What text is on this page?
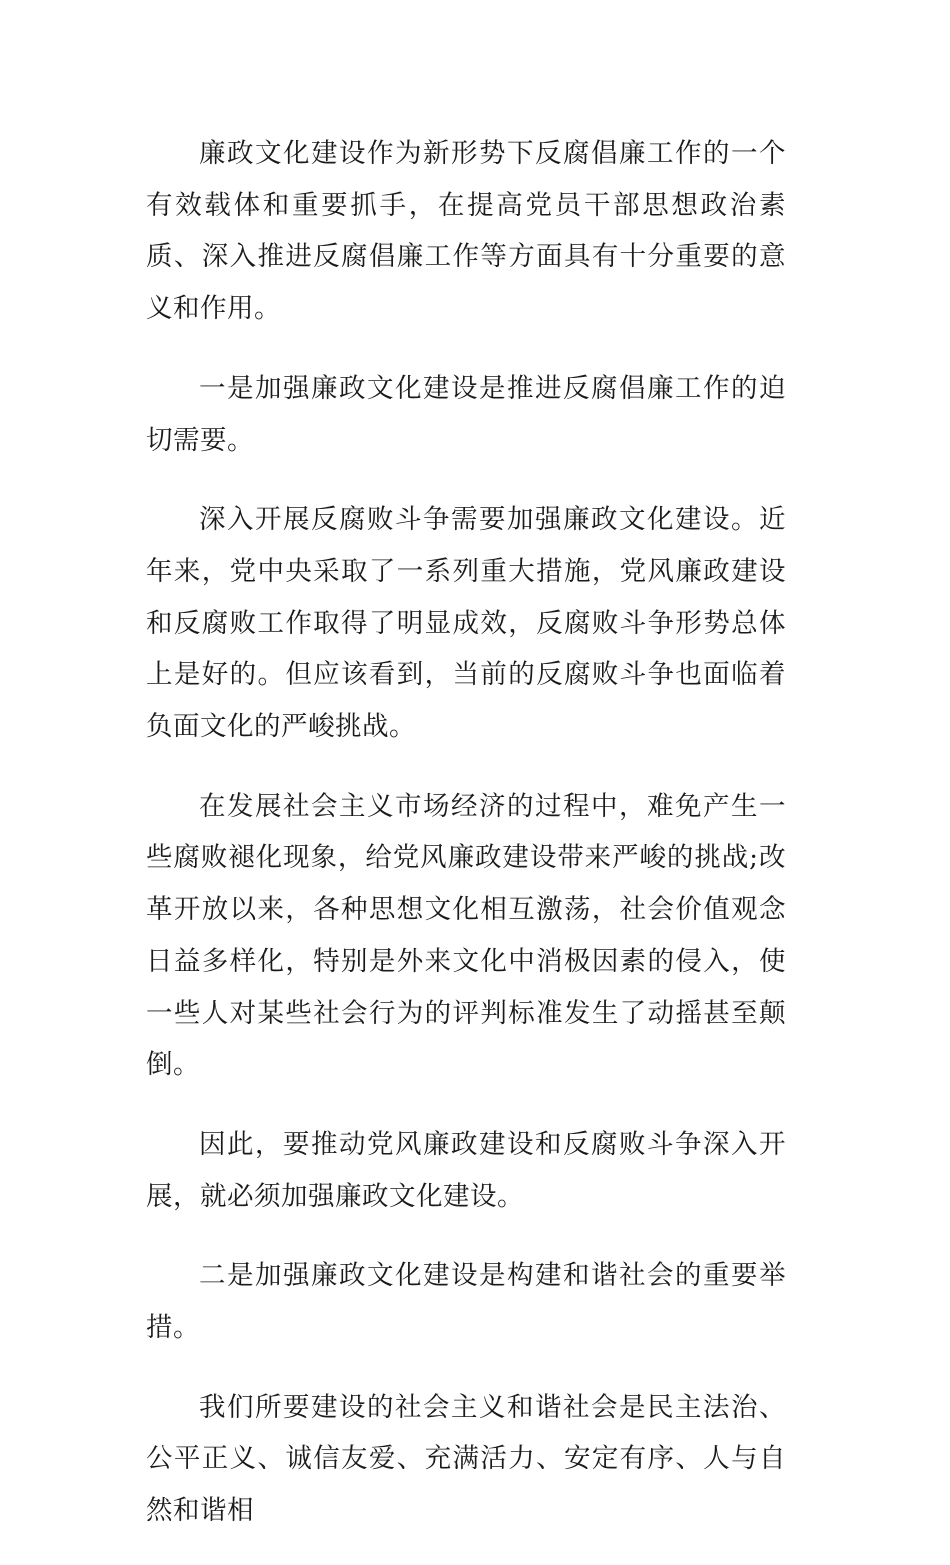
廉政文化建设作为新形势下反腐倡廉工作的一个有效载体和重要抓手，在提高党员干部思想政治素质、深入推进反腐倡廉工作等方面具有十分重要的意义和作用。

一是加强廉政文化建设是推进反腐倡廉工作的迫切需要。

深入开展反腐败斗争需要加强廉政文化建设。近年来，党中央采取了一系列重大措施，党风廉政建设和反腐败工作取得了明显成效，反腐败斗争形势总体上是好的。但应该看到，当前的反腐败斗争也面临着负面文化的严峻挑战。

在发展社会主义市场经济的过程中，难免产生一些腐败褪化现象，给党风廉政建设带来严峻的挑战;改革开放以来，各种思想文化相互激荡，社会价值观念日益多样化，特别是外来文化中消极因素的侵入，使一些人对某些社会行为的评判标准发生了动摇甚至颠倒。

因此，要推动党风廉政建设和反腐败斗争深入开展，就必须加强廉政文化建设。

二是加强廉政文化建设是构建和谐社会的重要举措。

我们所要建设的社会主义和谐社会是民主法治、公平正义、诚信友爱、充满活力、安定有序、人与自然和谐相
